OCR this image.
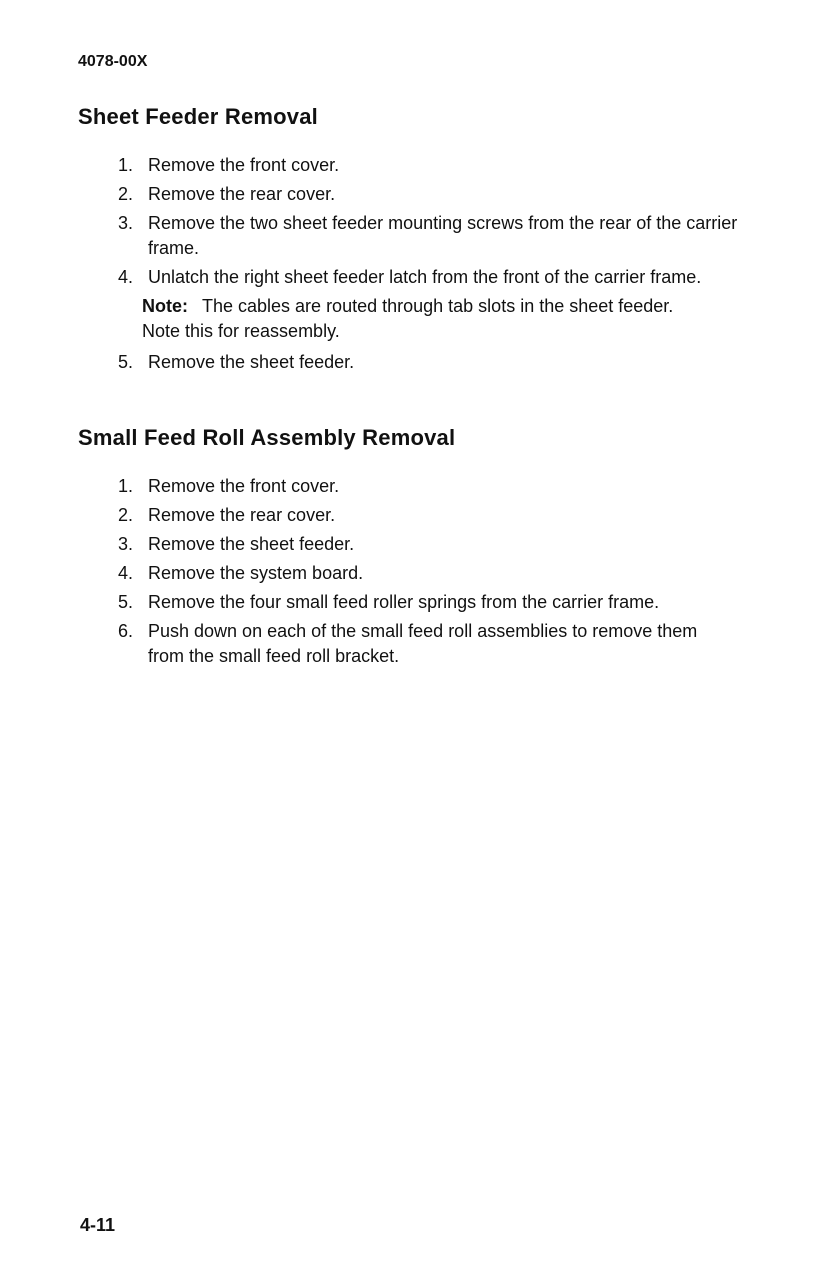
4078-00X
Sheet Feeder Removal
1. Remove the front cover.
2. Remove the rear cover.
3. Remove the two sheet feeder mounting screws from the rear of the carrier frame.
4. Unlatch the right sheet feeder latch from the front of the carrier frame.
Note: The cables are routed through tab slots in the sheet feeder. Note this for reassembly.
5. Remove the sheet feeder.
Small Feed Roll Assembly Removal
1. Remove the front cover.
2. Remove the rear cover.
3. Remove the sheet feeder.
4. Remove the system board.
5. Remove the four small feed roller springs from the carrier frame.
6. Push down on each of the small feed roll assemblies to remove them from the small feed roll bracket.
4-11
